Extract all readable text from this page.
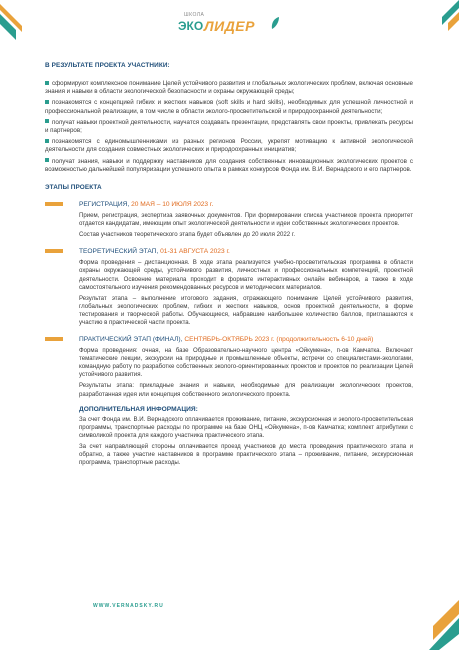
ШКОЛА
ЭКО ЛИДЕР
В РЕЗУЛЬТАТЕ ПРОЕКТА УЧАСТНИКИ:

сформируют комплексное понимание Целей устойчивого развития и глобальных экологических проблем, включая основные знания и навыки в области экологической безопасности и охраны окружающей среды;

познакомятся с концепцией гибких и жестких навыков (soft skills и hard skills), необходимых для успешной личностной и профессиональной реализации, в том числе в области эколого-просветительской и природоохранной деятельности;

получат навыки проектной деятельности, научатся создавать презентации, представлять свои проекты, привлекать ресурсы и партнеров;

познакомятся с единомышленниками из разных регионов России, укрепят мотивацию к активной экологической деятельности для создания совместных экологических и природоохранных инициатив;

получат знания, навыки и поддержку наставников для создания собственных инновационных экологических проектов с возможностью дальнейшей популяризации успешного опыта в рамках конкурсов Фонда им. В.И. Вернадского и его партнеров.

ЭТАПЫ ПРОЕКТА
РЕГИСТРАЦИЯ, 20 МАЯ – 10 ИЮЛЯ 2023 г.

Прием, регистрация, экспертиза заявочных документов. При формировании списка участников проекта приоритет отдается кандидатам, имеющим опыт экологической деятельности и идеи собственных экологических проектов.

Состав участников теоретического этапа будет объявлен до 20 июля 2022 г.

ТЕОРЕТИЧЕСКИЙ ЭТАП, 01-31 АВГУСТА 2023 г.

Форма проведения – дистанционная. В ходе этапа реализуется учебно-просветительская программа в области охраны окружающей среды, устойчивого развития, личностных и профессиональных компетенций, проектной деятельности. Освоение материала проходит в формате интерактивных онлайн вебинаров, а также в ходе самостоятельного изучения рекомендованных ресурсов и методических материалов.

Результат этапа – выполнение итогового задания, отражающего понимание Целей устойчивого развития, глобальных экологических проблем, гибких и жестких навыков, основ проектной деятельности, в форме тестирования и творческой работы. Обучающиеся, набравшие наибольшее количество баллов, приглашаются к участию в практической части проекта.

ПРАКТИЧЕСКИЙ ЭТАП (ФИНАЛ), СЕНТЯБРЬ-ОКТЯБРЬ 2023 г. (продолжительность 6-10 дней)

Форма проведения: очная, на базе Образовательно-научного центра «Ойкумена», п-ов Камчатка. Включает тематические лекции, экскурсии на природные и промышленные объекты, встречи со специалистами-экологами, командную работу по разработке собственных эколого-ориентированных проектов и проектов по реализации Целей устойчивого развития.

Результаты этапа: прикладные знания и навыки, необходимые для реализации экологических проектов, разработанная идея или концепция собственного экологического проекта.

ДОПОЛНИТЕЛЬНАЯ ИНФОРМАЦИЯ:

За счет Фонда им. В.И. Вернадского оплачивается проживание, питание, экскурсионная и эколого-просветительская программы, транспортные расходы по программе на базе ОНЦ «Ойкумена», п-ов Камчатка; комплект атрибутики с символикой проекта для каждого участника практического этапа.

За счет направляющей стороны оплачивается проезд участников до места проведения практического этапа и обратно, а также участие наставников в программе практического этапа – проживание, питание, экскурсионная программа, транспортные расходы.

WWW.VERNADSKY.RU
